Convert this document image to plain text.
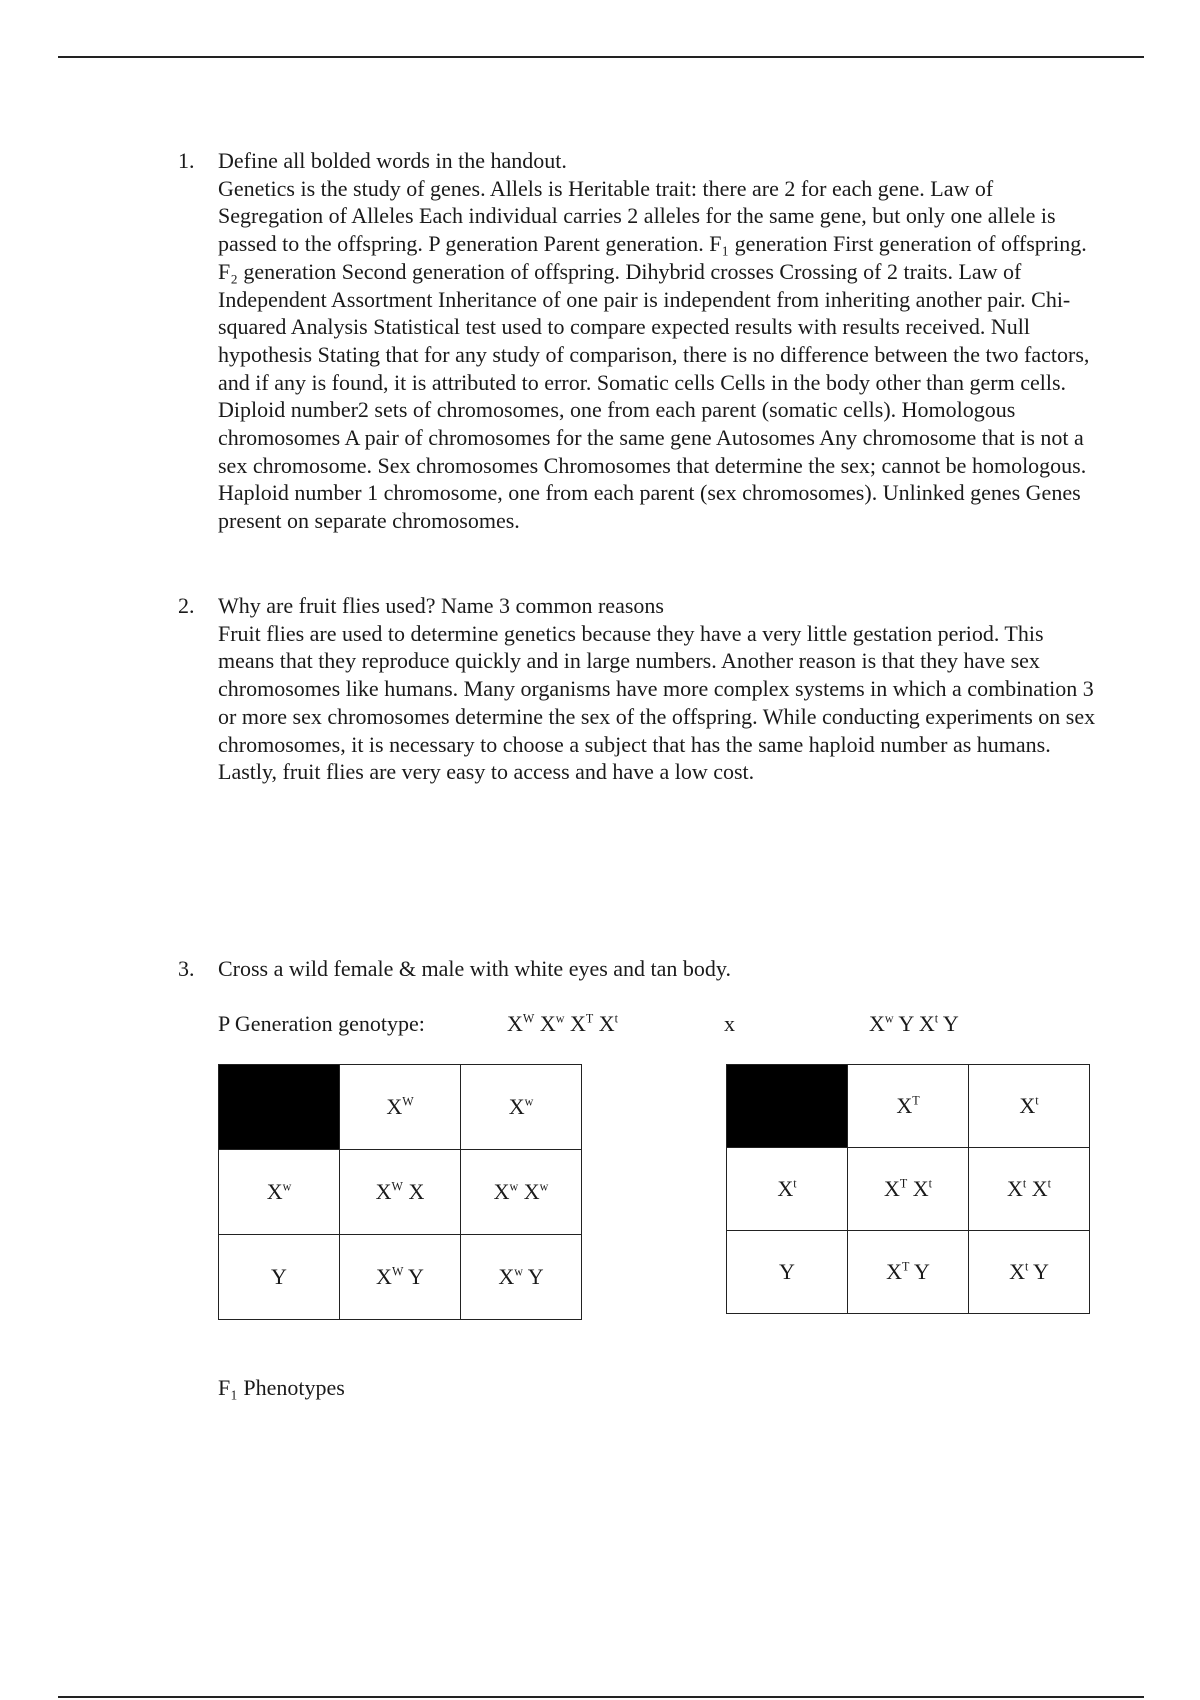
1. Define all bolded words in the handout.

Genetics is the study of genes. Allels is Heritable trait: there are 2 for each gene. Law of Segregation of Alleles Each individual carries 2 alleles for the same gene, but only one allele is passed to the offspring. P generation Parent generation. F₁ generation First generation of offspring. F₂ generation Second generation of offspring. Dihybrid crosses Crossing of 2 traits. Law of Independent Assortment Inheritance of one pair is independent from inheriting another pair. Chi-squared Analysis Statistical test used to compare expected results with results received. Null hypothesis Stating that for any study of comparison, there is no difference between the two factors, and if any is found, it is attributed to error. Somatic cells Cells in the body other than germ cells. Diploid number2 sets of chromosomes, one from each parent (somatic cells). Homologous chromosomes A pair of chromosomes for the same gene Autosomes Any chromosome that is not a sex chromosome. Sex chromosomes Chromosomes that determine the sex; cannot be homologous. Haploid number 1 chromosome, one from each parent (sex chromosomes). Unlinked genes Genes present on separate chromosomes.

2. Why are fruit flies used? Name 3 common reasons

Fruit flies are used to determine genetics because they have a very little gestation period. This means that they reproduce quickly and in large numbers. Another reason is that they have sex chromosomes like humans. Many organisms have more complex systems in which a combination 3 or more sex chromosomes determine the sex of the offspring. While conducting experiments on sex chromosomes, it is necessary to choose a subject that has the same haploid number as humans. Lastly, fruit flies are very easy to access and have a low cost.

3. Cross a wild female & male with white eyes and tan body.

P Generation genotype:	$X^W$ $X^w$ $X^T$ $X^t$	x	$X^w$ Y $X^t$ Y
	$X^W$	$X^w$
$X^w$	$X^W$ X	$X^w$ $X^w$
Y	$X^W$ Y	$X^w$ Y
	$X^T$	$X^t$
$X^t$	$X^T$ $X^t$	$X^t$ $X^t$
Y	$X^T$ Y	$X^t$ Y
F₁ Phenotypes
